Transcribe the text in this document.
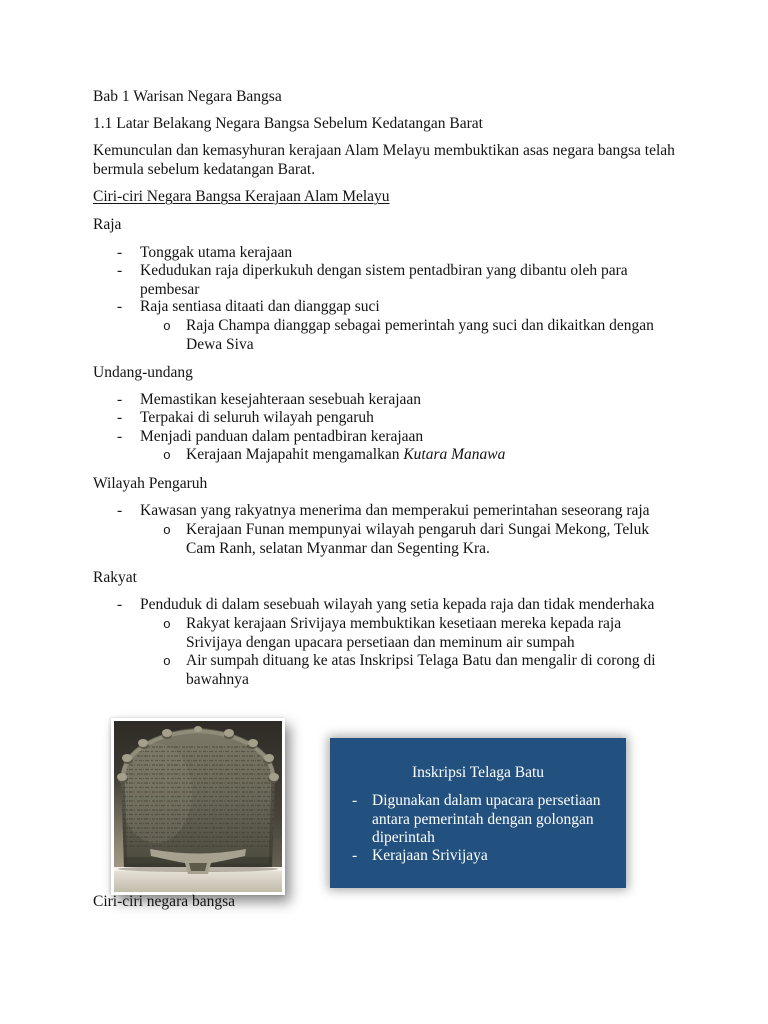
Bab 1 Warisan Negara Bangsa
1.1 Latar Belakang Negara Bangsa Sebelum Kedatangan Barat
Kemunculan dan kemasyhuran kerajaan Alam Melayu membuktikan asas negara bangsa telah
bermula sebelum kedatangan Barat.
Ciri-ciri Negara Bangsa Kerajaan Alam Melayu
Raja
- Tonggak utama kerajaan
- Kedudukan raja diperkukuh dengan sistem pentadbiran yang dibantu oleh para
pembesar
- Raja sentiasa ditaati dan dianggap suci
o Raja Champa dianggap sebagai pemerintah yang suci dan dikaitkan dengan
Dewa Siva
Undang-undang
- Memastikan kesejahteraan sesebuah kerajaan
- Terpakai di seluruh wilayah pengaruh
- Menjadi panduan dalam pentadbiran kerajaan
o Kerajaan Majapahit mengamalkan Kutara Manawa
Wilayah Pengaruh
- Kawasan yang rakyatnya menerima dan memperakui pemerintahan seseorang raja
o Kerajaan Funan mempunyai wilayah pengaruh dari Sungai Mekong, Teluk
Cam Ranh, selatan Myanmar dan Segenting Kra.
Rakyat
- Penduduk di dalam sesebuah wilayah yang setia kepada raja dan tidak menderhaka
o Rakyat kerajaan Srivijaya membuktikan kesetiaan mereka kepada raja
Srivijaya dengan upacara persetiaan dan meminum air sumpah
o Air sumpah dituang ke atas Inskripsi Telaga Batu dan mengalir di corong di
bawahnya
Ciri-ciri negara bangsa
Inskripsi Telaga Batu
- Digunakan dalam upacara persetiaan
antara pemerintah dengan golongan
diperintah
- Kerajaan Srivijaya
